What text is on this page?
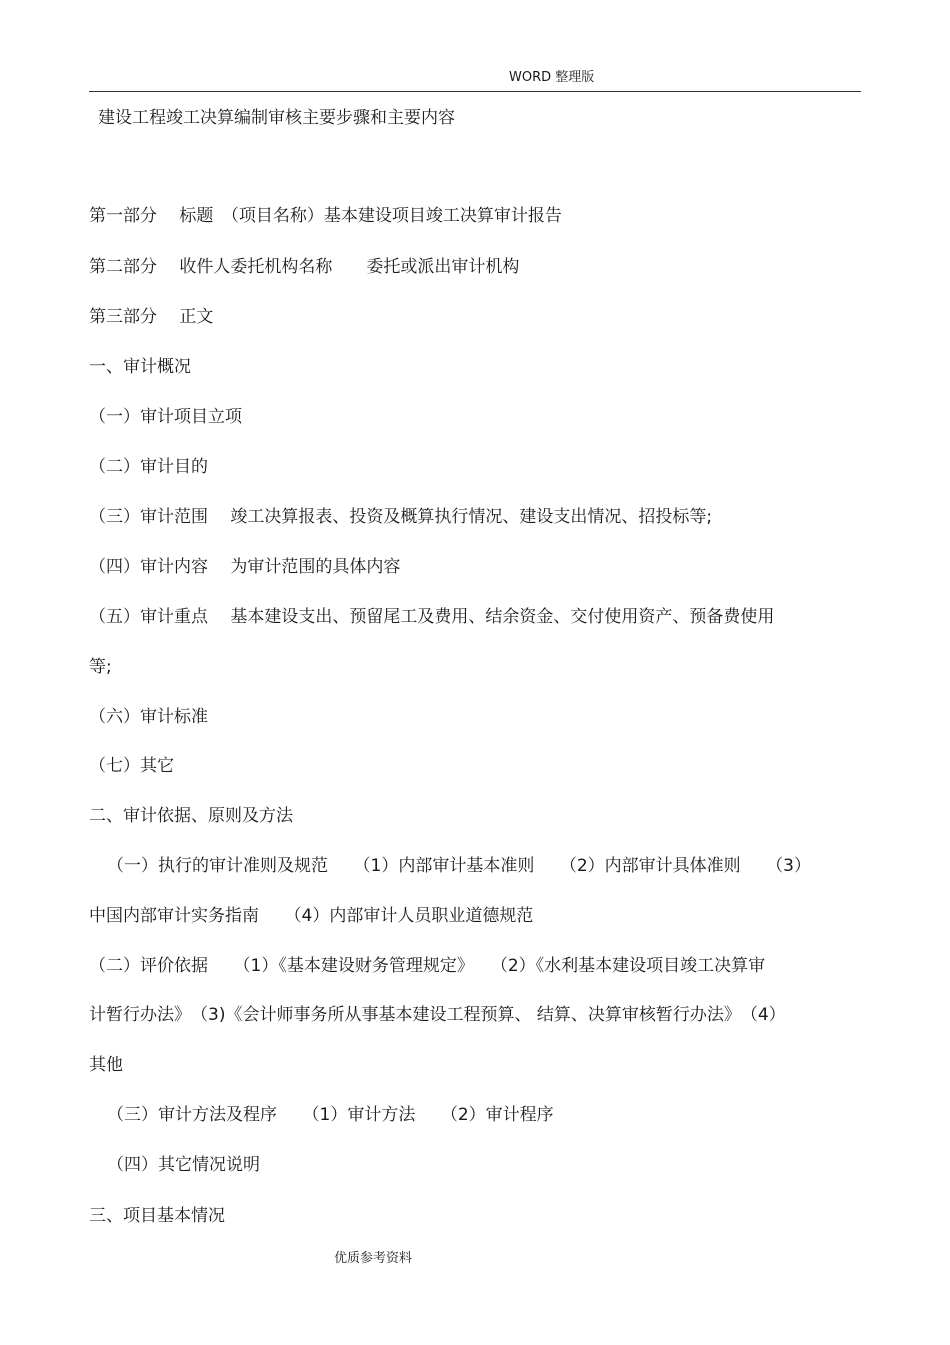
WORD 整理版
建设工程竣工决算编制审核主要步骤和主要内容
第一部分　 标题　（项目名称）基本建设项目竣工决算审计报告
第二部分　 收件人委托机构名称　　委托或派出审计机构
第三部分　 正文
一、审计概况
（一）审计项目立项
（二）审计目的
（三）审计范围　 竣工决算报表、投资及概算执行情况、建设支出情况、招投标等;
（四）审计内容　 为审计范围的具体内容
（五）审计重点　 基本建设支出、预留尾工及费用、结余资金、交付使用资产、预备费使用
等;
（六）审计标准
（七）其它
二、审计依据、原则及方法
（一）执行的审计准则及规范　　（1）内部审计基本准则　　（2）内部审计具体准则　　（3）
中国内部审计实务指南　　（4）内部审计人员职业道德规范
（二）评价依据　　（1）《基本建设财务管理规定》　　（2）《水利基本建设项目竣工决算审
计暂行办法》　（3)《会计师事务所从事基本建设工程预算、 结算、决算审核暂行办法》　（4）
其他
（三）审计方法及程序　　（1）审计方法　　（2）审计程序
（四）其它情况说明
三、项目基本情况
优质参考资料
